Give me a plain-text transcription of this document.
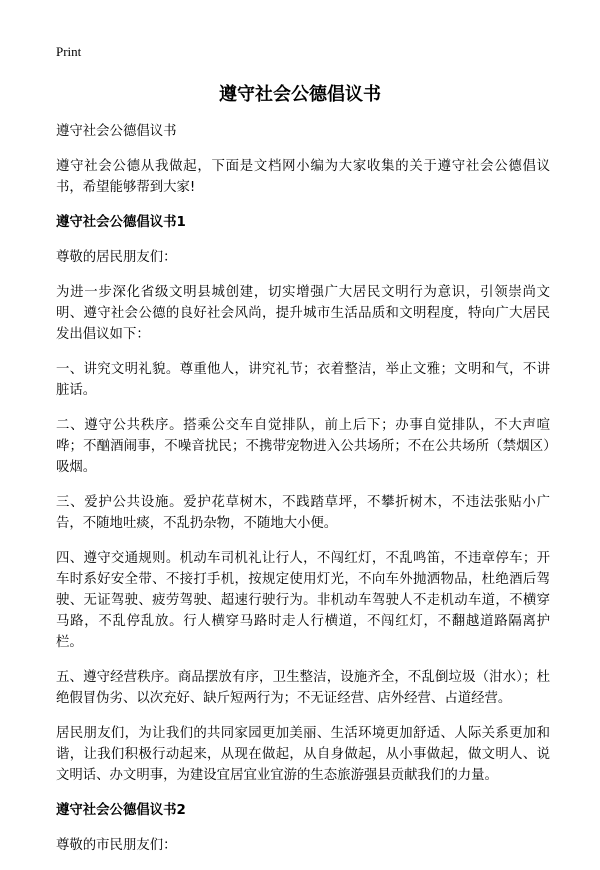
Print
遵守社会公德倡议书

遵守社会公德倡议书

遵守社会公德从我做起，下面是文档网小编为大家收集的关于遵守社会公德倡议书，希望能够帮到大家!

遵守社会公德倡议书1

尊敬的居民朋友们：

为进一步深化省级文明县城创建，切实增强广大居民文明行为意识，引领崇尚文明、遵守社会公德的良好社会风尚，提升城市生活品质和文明程度，特向广大居民发出倡议如下：

一、讲究文明礼貌。尊重他人，讲究礼节；衣着整洁，举止文雅；文明和气，不讲脏话。

二、遵守公共秩序。搭乘公交车自觉排队，前上后下；办事自觉排队，不大声喧哗；不酗酒闹事，不噪音扰民；不携带宠物进入公共场所；不在公共场所（禁烟区）吸烟。

三、爱护公共设施。爱护花草树木，不践踏草坪，不攀折树木，不违法张贴小广告，不随地吐痰，不乱扔杂物，不随地大小便。

四、遵守交通规则。机动车司机礼让行人，不闯红灯，不乱鸣笛，不违章停车；开车时系好安全带、不接打手机，按规定使用灯光，不向车外抛洒物品，杜绝酒后驾驶、无证驾驶、疲劳驾驶、超速行驶行为。非机动车驾驶人不走机动车道，不横穿马路，不乱停乱放。行人横穿马路时走人行横道，不闯红灯，不翻越道路隔离护栏。

五、遵守经营秩序。商品摆放有序，卫生整洁，设施齐全，不乱倒垃圾（泔水）；杜绝假冒伪劣、以次充好、缺斤短两行为；不无证经营、店外经营、占道经营。

居民朋友们，为让我们的共同家园更加美丽、生活环境更加舒适、人际关系更加和谐，让我们积极行动起来，从现在做起，从自身做起，从小事做起，做文明人、说文明话、办文明事，为建设宜居宜业宜游的生态旅游强县贡献我们的力量。

遵守社会公德倡议书2

尊敬的市民朋友们：
